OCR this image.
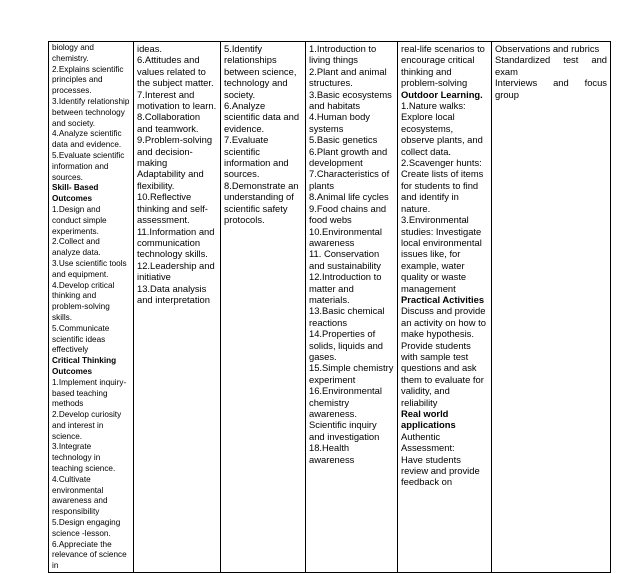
biology and chemistry.
2.Explains scientific principles and processes.
3.Identify relationship between technology and society.
4.Analyze scientific data and evidence.
5.Evaluate scientific information and sources.
Skill- Based Outcomes
1.Design and conduct simple experiments.
2.Collect and analyze data.
3.Use scientific tools and equipment.
4.Develop critical thinking and problem-solving skills.
5.Communicate scientific ideas effectively
Critical Thinking Outcomes
1.Implement inquiry-based teaching methods
2.Develop curiosity and interest in science.
3.Integrate technology in teaching science.
4.Cultivate environmental awareness and responsibility
5.Design engaging science -lesson.
6.Appreciate the relevance of science in	ideas.
6.Attitudes and values related to the subject matter.
7.Interest and motivation to learn.
8.Collaboration and teamwork.
9.Problem-solving and decision-making
Adaptability and flexibility.
10.Reflective thinking and self-assessment.
11.Information and communication technology skills.
12.Leadership and initiative
13.Data analysis and interpretation	5.Identify relationships between science, technology and society.
6.Analyze scientific data and evidence.
7.Evaluate scientific information and sources.
8.Demonstrate an understanding of scientific safety protocols.	1.Introduction to living things
2.Plant and animal structures.
3.Basic ecosystems and habitats
4.Human body systems
5.Basic genetics
6.Plant growth and development
7.Characteristics of plants
8.Animal life cycles
9.Food chains and food webs
10.Environmental awareness
11. Conservation and sustainability
12.Introduction to matter and materials.
13.Basic chemical reactions
14.Properties of solids, liquids and gases.
15.Simple chemistry experiment
16.Environmental chemistry awareness.
Scientific inquiry and investigation
18.Health awareness	real-life scenarios to encourage critical thinking and problem-solving
Outdoor Learning.
1.Nature walks: Explore local ecosystems, observe plants, and collect data.
2.Scavenger hunts: Create lists of items for students to find and identify in nature.
3.Environmental studies: Investigate local environmental issues like, for example, water quality or waste management
Practical Activities
Discuss and provide an activity on how to make hypothesis.
Provide students with sample test questions and ask them to evaluate for validity, and reliability
Real world applications
Authentic Assessment:
Have students review and provide feedback on	Observations and rubrics
Standardized test and exam
Interviews and focus group
